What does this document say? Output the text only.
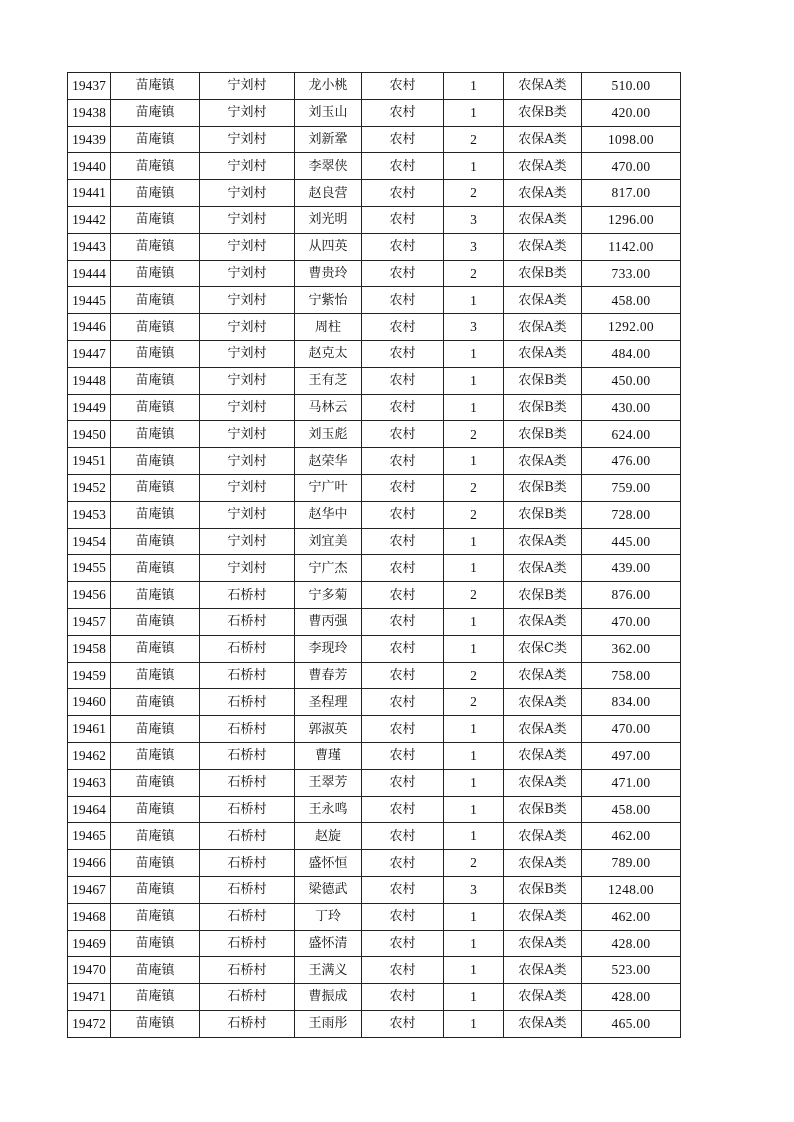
19437	苗庵镇	宁刘村	龙小桃	农村	1	农保A类	510.00
19438	苗庵镇	宁刘村	刘玉山	农村	1	农保B类	420.00
19439	苗庵镇	宁刘村	刘新鞏	农村	2	农保A类	1098.00
19440	苗庵镇	宁刘村	李翠侠	农村	1	农保A类	470.00
19441	苗庵镇	宁刘村	赵良营	农村	2	农保A类	817.00
19442	苗庵镇	宁刘村	刘光明	农村	3	农保A类	1296.00
19443	苗庵镇	宁刘村	从四英	农村	3	农保A类	1142.00
19444	苗庵镇	宁刘村	曹贵玲	农村	2	农保B类	733.00
19445	苗庵镇	宁刘村	宁紫怡	农村	1	农保A类	458.00
19446	苗庵镇	宁刘村	周柱	农村	3	农保A类	1292.00
19447	苗庵镇	宁刘村	赵克太	农村	1	农保A类	484.00
19448	苗庵镇	宁刘村	王有芝	农村	1	农保B类	450.00
19449	苗庵镇	宁刘村	马林云	农村	1	农保B类	430.00
19450	苗庵镇	宁刘村	刘玉彪	农村	2	农保B类	624.00
19451	苗庵镇	宁刘村	赵荣华	农村	1	农保A类	476.00
19452	苗庵镇	宁刘村	宁广叶	农村	2	农保B类	759.00
19453	苗庵镇	宁刘村	赵华中	农村	2	农保B类	728.00
19454	苗庵镇	宁刘村	刘宜美	农村	1	农保A类	445.00
19455	苗庵镇	宁刘村	宁广杰	农村	1	农保A类	439.00
19456	苗庵镇	石桥村	宁多菊	农村	2	农保B类	876.00
19457	苗庵镇	石桥村	曹丙强	农村	1	农保A类	470.00
19458	苗庵镇	石桥村	李现玲	农村	1	农保C类	362.00
19459	苗庵镇	石桥村	曹春芳	农村	2	农保A类	758.00
19460	苗庵镇	石桥村	圣程理	农村	2	农保A类	834.00
19461	苗庵镇	石桥村	郭淑英	农村	1	农保A类	470.00
19462	苗庵镇	石桥村	曹瑾	农村	1	农保A类	497.00
19463	苗庵镇	石桥村	王翠芳	农村	1	农保A类	471.00
19464	苗庵镇	石桥村	王永鸣	农村	1	农保B类	458.00
19465	苗庵镇	石桥村	赵旋	农村	1	农保A类	462.00
19466	苗庵镇	石桥村	盛怀恒	农村	2	农保A类	789.00
19467	苗庵镇	石桥村	梁德武	农村	3	农保B类	1248.00
19468	苗庵镇	石桥村	丁玲	农村	1	农保A类	462.00
19469	苗庵镇	石桥村	盛怀清	农村	1	农保A类	428.00
19470	苗庵镇	石桥村	王满义	农村	1	农保A类	523.00
19471	苗庵镇	石桥村	曹振成	农村	1	农保A类	428.00
19472	苗庵镇	石桥村	王雨彤	农村	1	农保A类	465.00
